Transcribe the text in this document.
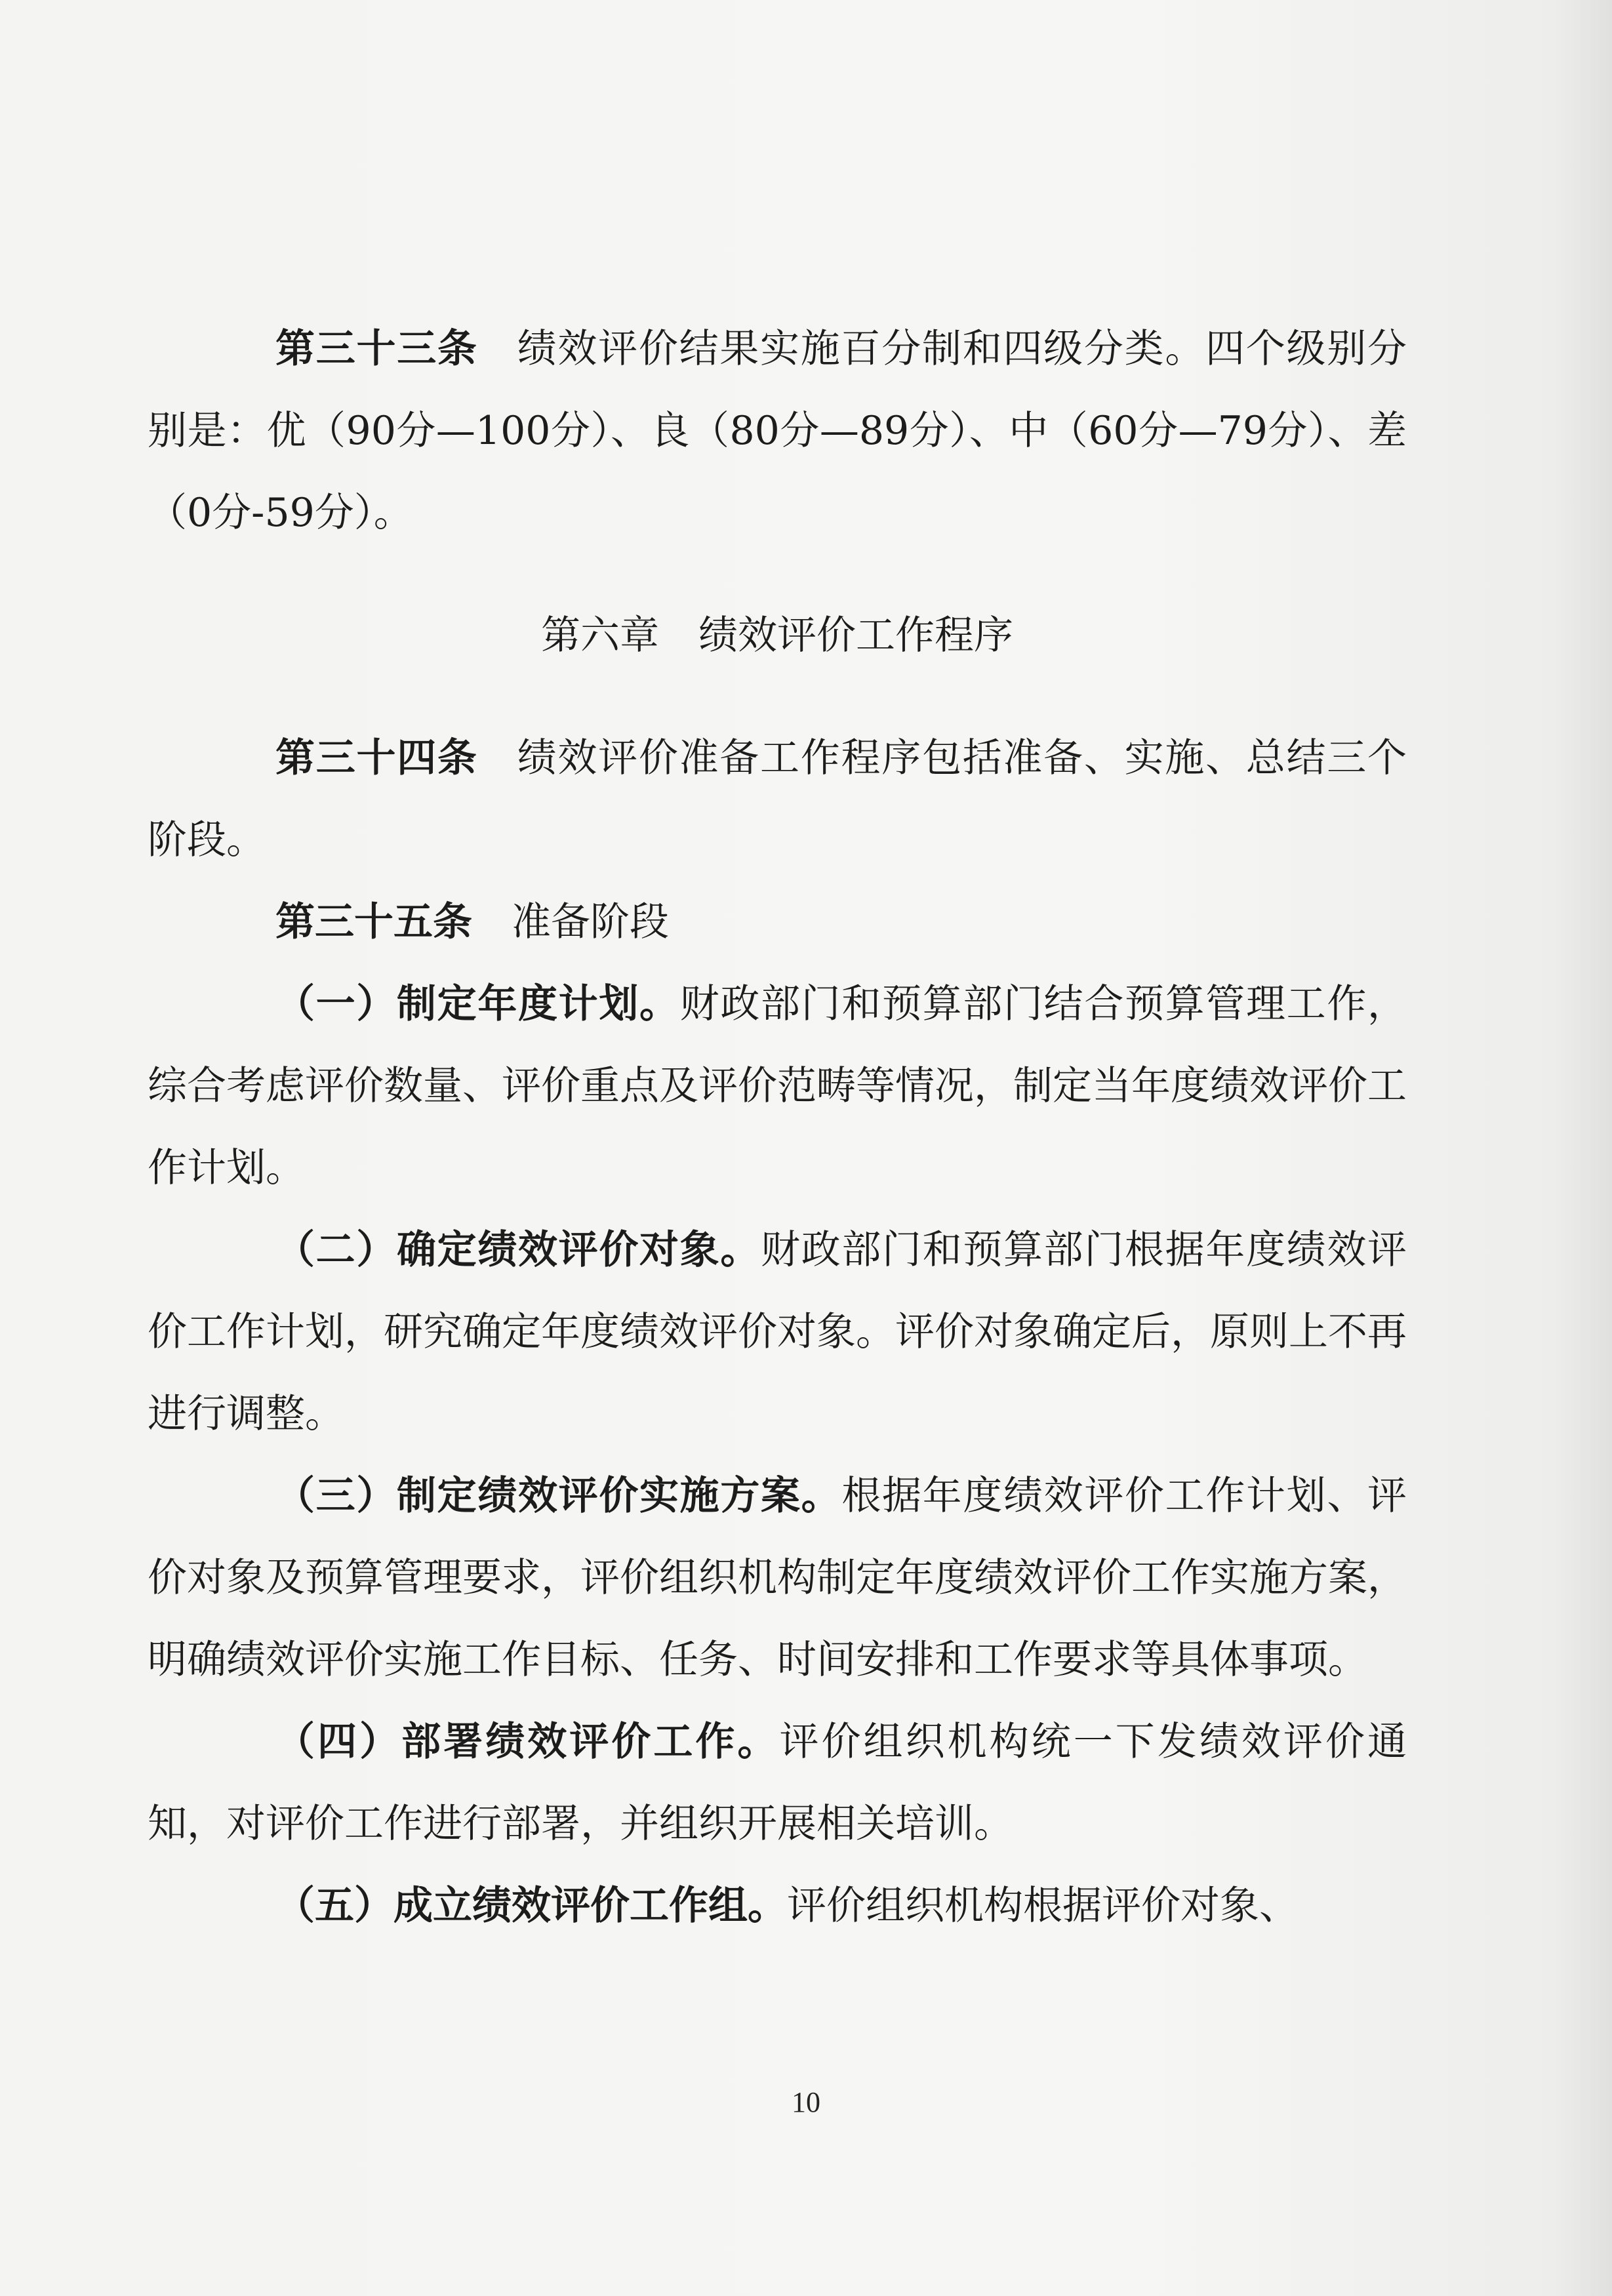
第三十三条 绩效评价结果实施百分制和四级分类。四个级别分别是：优（90分—100分）、良（80分—89分）、中（60分—79分）、差（0分-59分）。

第六章　绩效评价工作程序

第三十四条 绩效评价准备工作程序包括准备、实施、总结三个阶段。

第三十五条 准备阶段

（一）制定年度计划。财政部门和预算部门结合预算管理工作，综合考虑评价数量、评价重点及评价范畴等情况，制定当年度绩效评价工作计划。

（二）确定绩效评价对象。财政部门和预算部门根据年度绩效评价工作计划，研究确定年度绩效评价对象。评价对象确定后，原则上不再进行调整。

（三）制定绩效评价实施方案。根据年度绩效评价工作计划、评价对象及预算管理要求，评价组织机构制定年度绩效评价工作实施方案，明确绩效评价实施工作目标、任务、时间安排和工作要求等具体事项。

（四）部署绩效评价工作。评价组织机构统一下发绩效评价通知，对评价工作进行部署，并组织开展相关培训。

（五）成立绩效评价工作组。评价组织机构根据评价对象、

10
